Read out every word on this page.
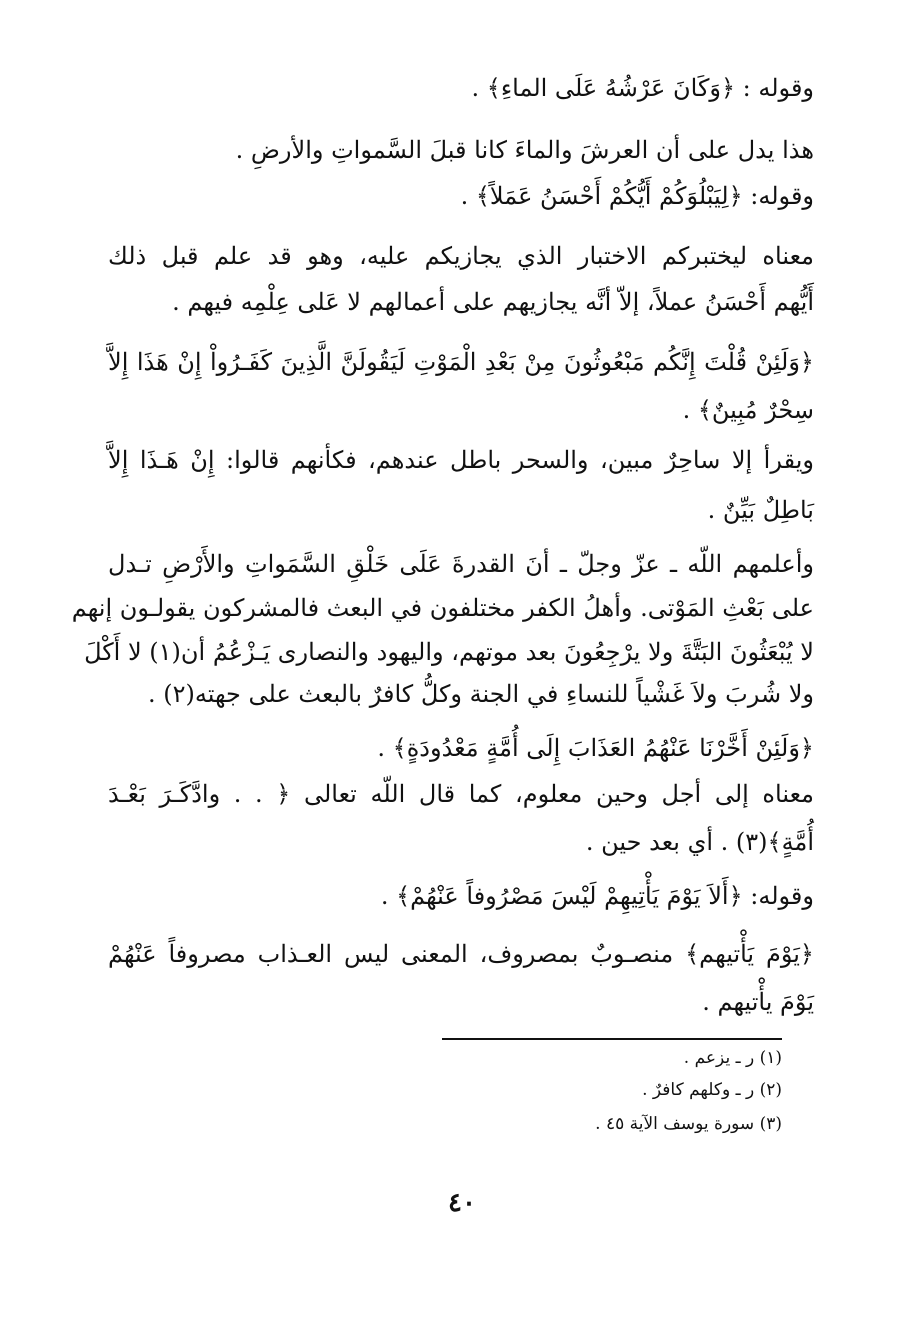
وقوله : ﴿وَكَانَ عَرْشُهُ عَلَى الماءِ﴾ .
هذا يدل على أن العرشَ والماءَ كانا قبلَ السَّمواتِ والأرضِ .
وقوله: ﴿لِيَبْلُوَكُمْ أَيُّكُمْ أَحْسَنُ عَمَلاً﴾ .
معناه ليختبركم الاختبار الذي يجازيكم عليه، وهو قد علم قبل ذلك
أَيُّهم أَحْسَنُ عملاً، إلاّ أنَّه يجازيهم على أعمالهم لا عَلى عِلْمِه فيهم .
﴿وَلَئِنْ قُلْتَ إِنَّكُم مَبْعُوثُونَ مِنْ بَعْدِ الْمَوْتِ لَيَقُولَنَّ الَّذِينَ كَفَـرُواْ إِنْ هَذَا إِلاَّ
سِحْرٌ مُبِينٌ﴾ .
ويقرأ إلا ساحِرٌ مبين، والسحر باطل عندهم، فكأنهم قالوا: إِنْ هَـذَا إِلاَّ
بَاطِلٌ بَيِّنٌ .
وأعلمهم اللّه ـ عزّ وجلّ ـ أنَ القدرةَ عَلَى خَلْقِ السَّمَواتِ والأَرْضِ تـدل
على بَعْثِ المَوْتى. وأهلُ الكفر مختلفون في البعث فالمشركون يقولـون إنهم
لا يُبْعَثُونَ البَتَّةَ ولا يرْجِعُونَ بعد موتهم، واليهود والنصارى يَـزْعُمُ أن(١) لا أَكْلَ
ولا شُربَ ولاَ غَشْياً للنساءِ في الجنة وكلُّ كافرٌ بالبعث على جهته(٢) .
﴿وَلَئِنْ أَخَّرْنَا عَنْهُمُ العَذَابَ إِلَى أُمَّةٍ مَعْدُودَةٍ﴾ .
معناه إلى أجل وحين معلوم، كما قال اللّه تعالى ﴿ . . وادَّكَـرَ بَعْـدَ
أُمَّةٍ﴾(٣) . أي بعد حين .
وقوله: ﴿أَلاَ يَوْمَ يَأْتِيهِمْ لَيْسَ مَصْرُوفاً عَنْهُمْ﴾ .
﴿يَوْمَ يَأْتيهم﴾ منصـوبٌ بمصروف، المعنى ليس العـذاب مصروفاً عَنْهُمْ
يَوْمَ يأْتيهم .
(١) ر ـ يزعم .
(٢) ر ـ وكلهم كافرٌ .
(٣) سورة يوسف الآية ٤٥ .
٤٠
